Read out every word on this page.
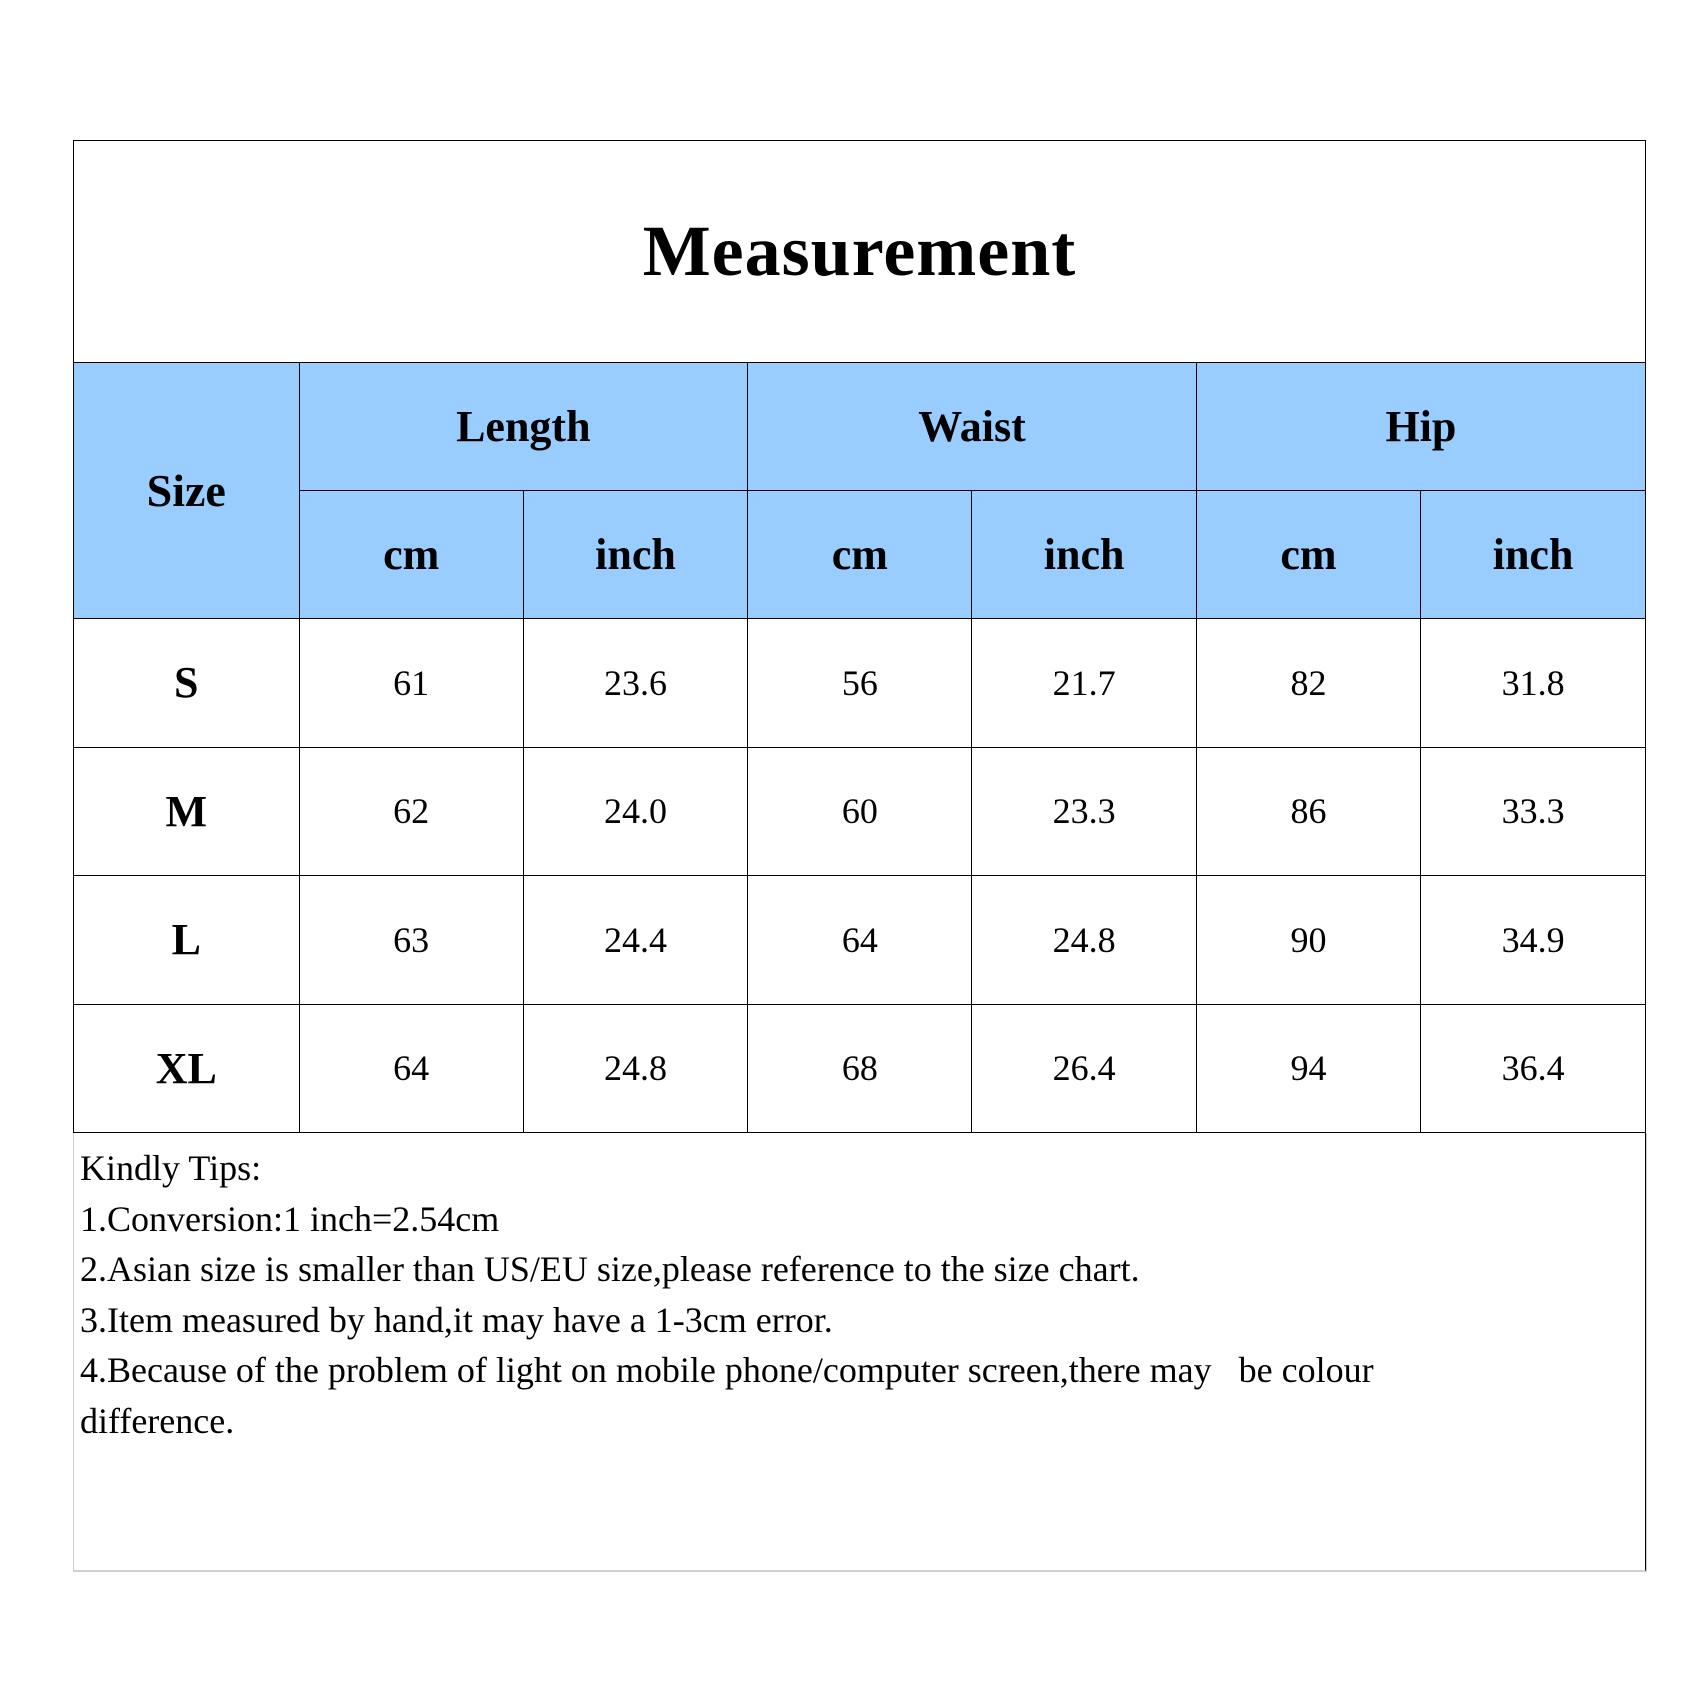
Measurement
Size	Length		Waist		Hip	
	cm	inch	cm	inch	cm	inch
S	61	23.6	56	21.7	82	31.8
M	62	24.0	60	23.3	86	33.3
L	63	24.4	64	24.8	90	34.9
XL	64	24.8	68	26.4	94	36.4
Kindly Tips:
1.Conversion:1 inch=2.54cm
2.Asian size is smaller than US/EU size,please reference to the size chart.
3.Item measured by hand,it may have a 1-3cm error.
4.Because of the problem of light on mobile phone/computer screen,there may   be colour difference.
